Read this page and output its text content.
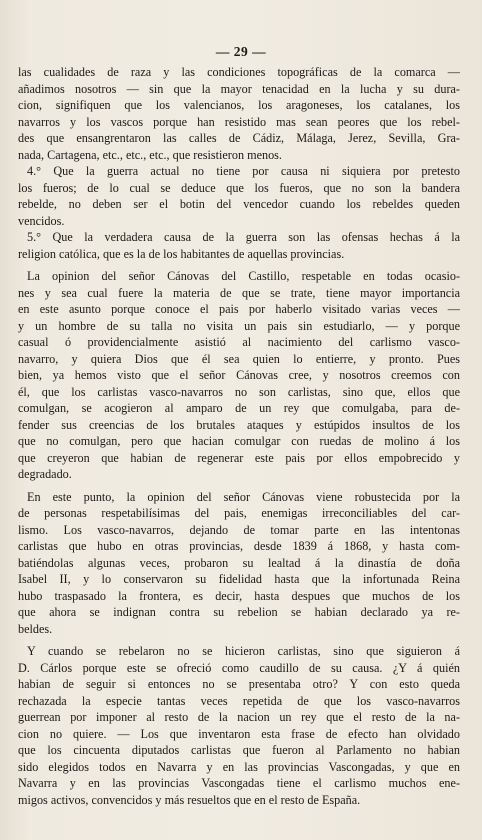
— 29 —
las cualidades de raza y las condiciones topográficas de la comarca —
añadimos nosotros — sin que la mayor tenacidad en la lucha y su dura-
cion, signifiquen que los valencianos, los aragoneses, los catalanes, los
navarros y los vascos porque han resistido mas sean peores que los rebel-
des que ensangrentaron las calles de Cádiz, Málaga, Jerez, Sevilla, Gra-
nada, Cartagena, etc., etc., etc., que resistieron menos.
4.° Que la guerra actual no tiene por causa ni siquiera por pretesto
los fueros; de lo cual se deduce que los fueros, que no son la bandera
rebelde, no deben ser el botin del vencedor cuando los rebeldes queden
vencidos.
5.° Que la verdadera causa de la guerra son las ofensas hechas á la
religion católica, que es la de los habitantes de aquellas provincias.
La opinion del señor Cánovas del Castillo, respetable en todas ocasio-
nes y sea cual fuere la materia de que se trate, tiene mayor importancia
en este asunto porque conoce el pais por haberlo visitado varias veces —
y un hombre de su talla no visita un pais sin estudiarlo, — y porque
casual ó providencialmente asistió al nacimiento del carlismo vasco-
navarro, y quiera Dios que él sea quien lo entierre, y pronto. Pues
bien, ya hemos visto que el señor Cánovas cree, y nosotros creemos con
él, que los carlistas vasco-navarros no son carlistas, sino que, ellos que
comulgan, se acogieron al amparo de un rey que comulgaba, para de-
fender sus creencias de los brutales ataques y estúpidos insultos de los
que no comulgan, pero que hacian comulgar con ruedas de molino á los
que creyeron que habian de regenerar este pais por ellos empobrecido y
degradado.
En este punto, la opinion del señor Cánovas viene robustecida por la
de personas respetabilísimas del pais, enemigas irreconciliables del car-
lismo. Los vasco-navarros, dejando de tomar parte en las intentonas
carlistas que hubo en otras provincias, desde 1839 á 1868, y hasta com-
batiéndolas algunas veces, probaron su lealtad á la dinastía de doña
Isabel II, y lo conservaron su fidelidad hasta que la infortunada Reina
hubo traspasado la frontera, es decir, hasta despues que muchos de los
que ahora se indignan contra su rebelion se habian declarado ya re-
beldes.
Y cuando se rebelaron no se hicieron carlistas, sino que siguieron á
D. Cárlos porque este se ofreció como caudillo de su causa. ¿Y á quién
habian de seguir si entonces no se presentaba otro? Y con esto queda
rechazada la especie tantas veces repetida de que los vasco-navarros
guerrean por imponer al resto de la nacion un rey que el resto de la na-
cion no quiere. — Los que inventaron esta frase de efecto han olvidado
que los cincuenta diputados carlistas que fueron al Parlamento no habian
sido elegidos todos en Navarra y en las provincias Vascongadas, y que en
Navarra y en las provincias Vascongadas tiene el carlismo muchos ene-
migos activos, convencidos y más resueltos que en el resto de España.
